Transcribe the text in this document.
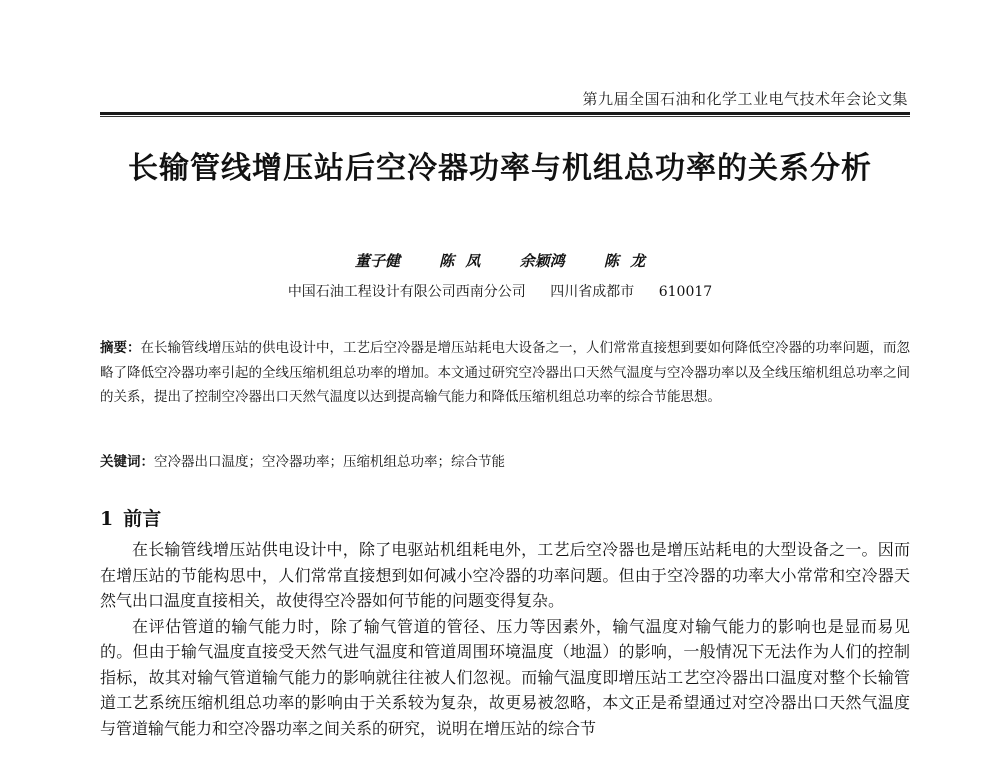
第九届全国石油和化学工业电气技术年会论文集
长输管线增压站后空冷器功率与机组总功率的关系分析
董子健	陈 凤	余颖鸿	陈 龙
中国石油工程设计有限公司西南分公司 四川省成都市 610017
摘要：在长输管线增压站的供电设计中，工艺后空冷器是增压站耗电大设备之一，人们常常直接想到要如何降低空冷器的功率问题，而忽略了降低空冷器功率引起的全线压缩机组总功率的增加。本文通过研究空冷器出口天然气温度与空冷器功率以及全线压缩机组总功率之间的关系，提出了控制空冷器出口天然气温度以达到提高输气能力和降低压缩机组总功率的综合节能思想。
关键词：空冷器出口温度；空冷器功率；压缩机组总功率；综合节能
1 前言

在长输管线增压站供电设计中，除了电驱站机组耗电外，工艺后空冷器也是增压站耗电的大型设备之一。因而在增压站的节能构思中，人们常常直接想到如何减小空冷器的功率问题。但由于空冷器的功率大小常常和空冷器天然气出口温度直接相关，故使得空冷器如何节能的问题变得复杂。

在评估管道的输气能力时，除了输气管道的管径、压力等因素外，输气温度对输气能力的影响也是显而易见的。但由于输气温度直接受天然气进气温度和管道周围环境温度（地温）的影响，一般情况下无法作为人们的控制指标，故其对输气管道输气能力的影响就往往被人们忽视。而输气温度即增压站工艺空冷器出口温度对整个长输管道工艺系统压缩机组总功率的影响由于关系较为复杂，故更易被忽略，本文正是希望通过对空冷器出口天然气温度与管道输气能力和空冷器功率之间关系的研究，说明在增压站的综合节
